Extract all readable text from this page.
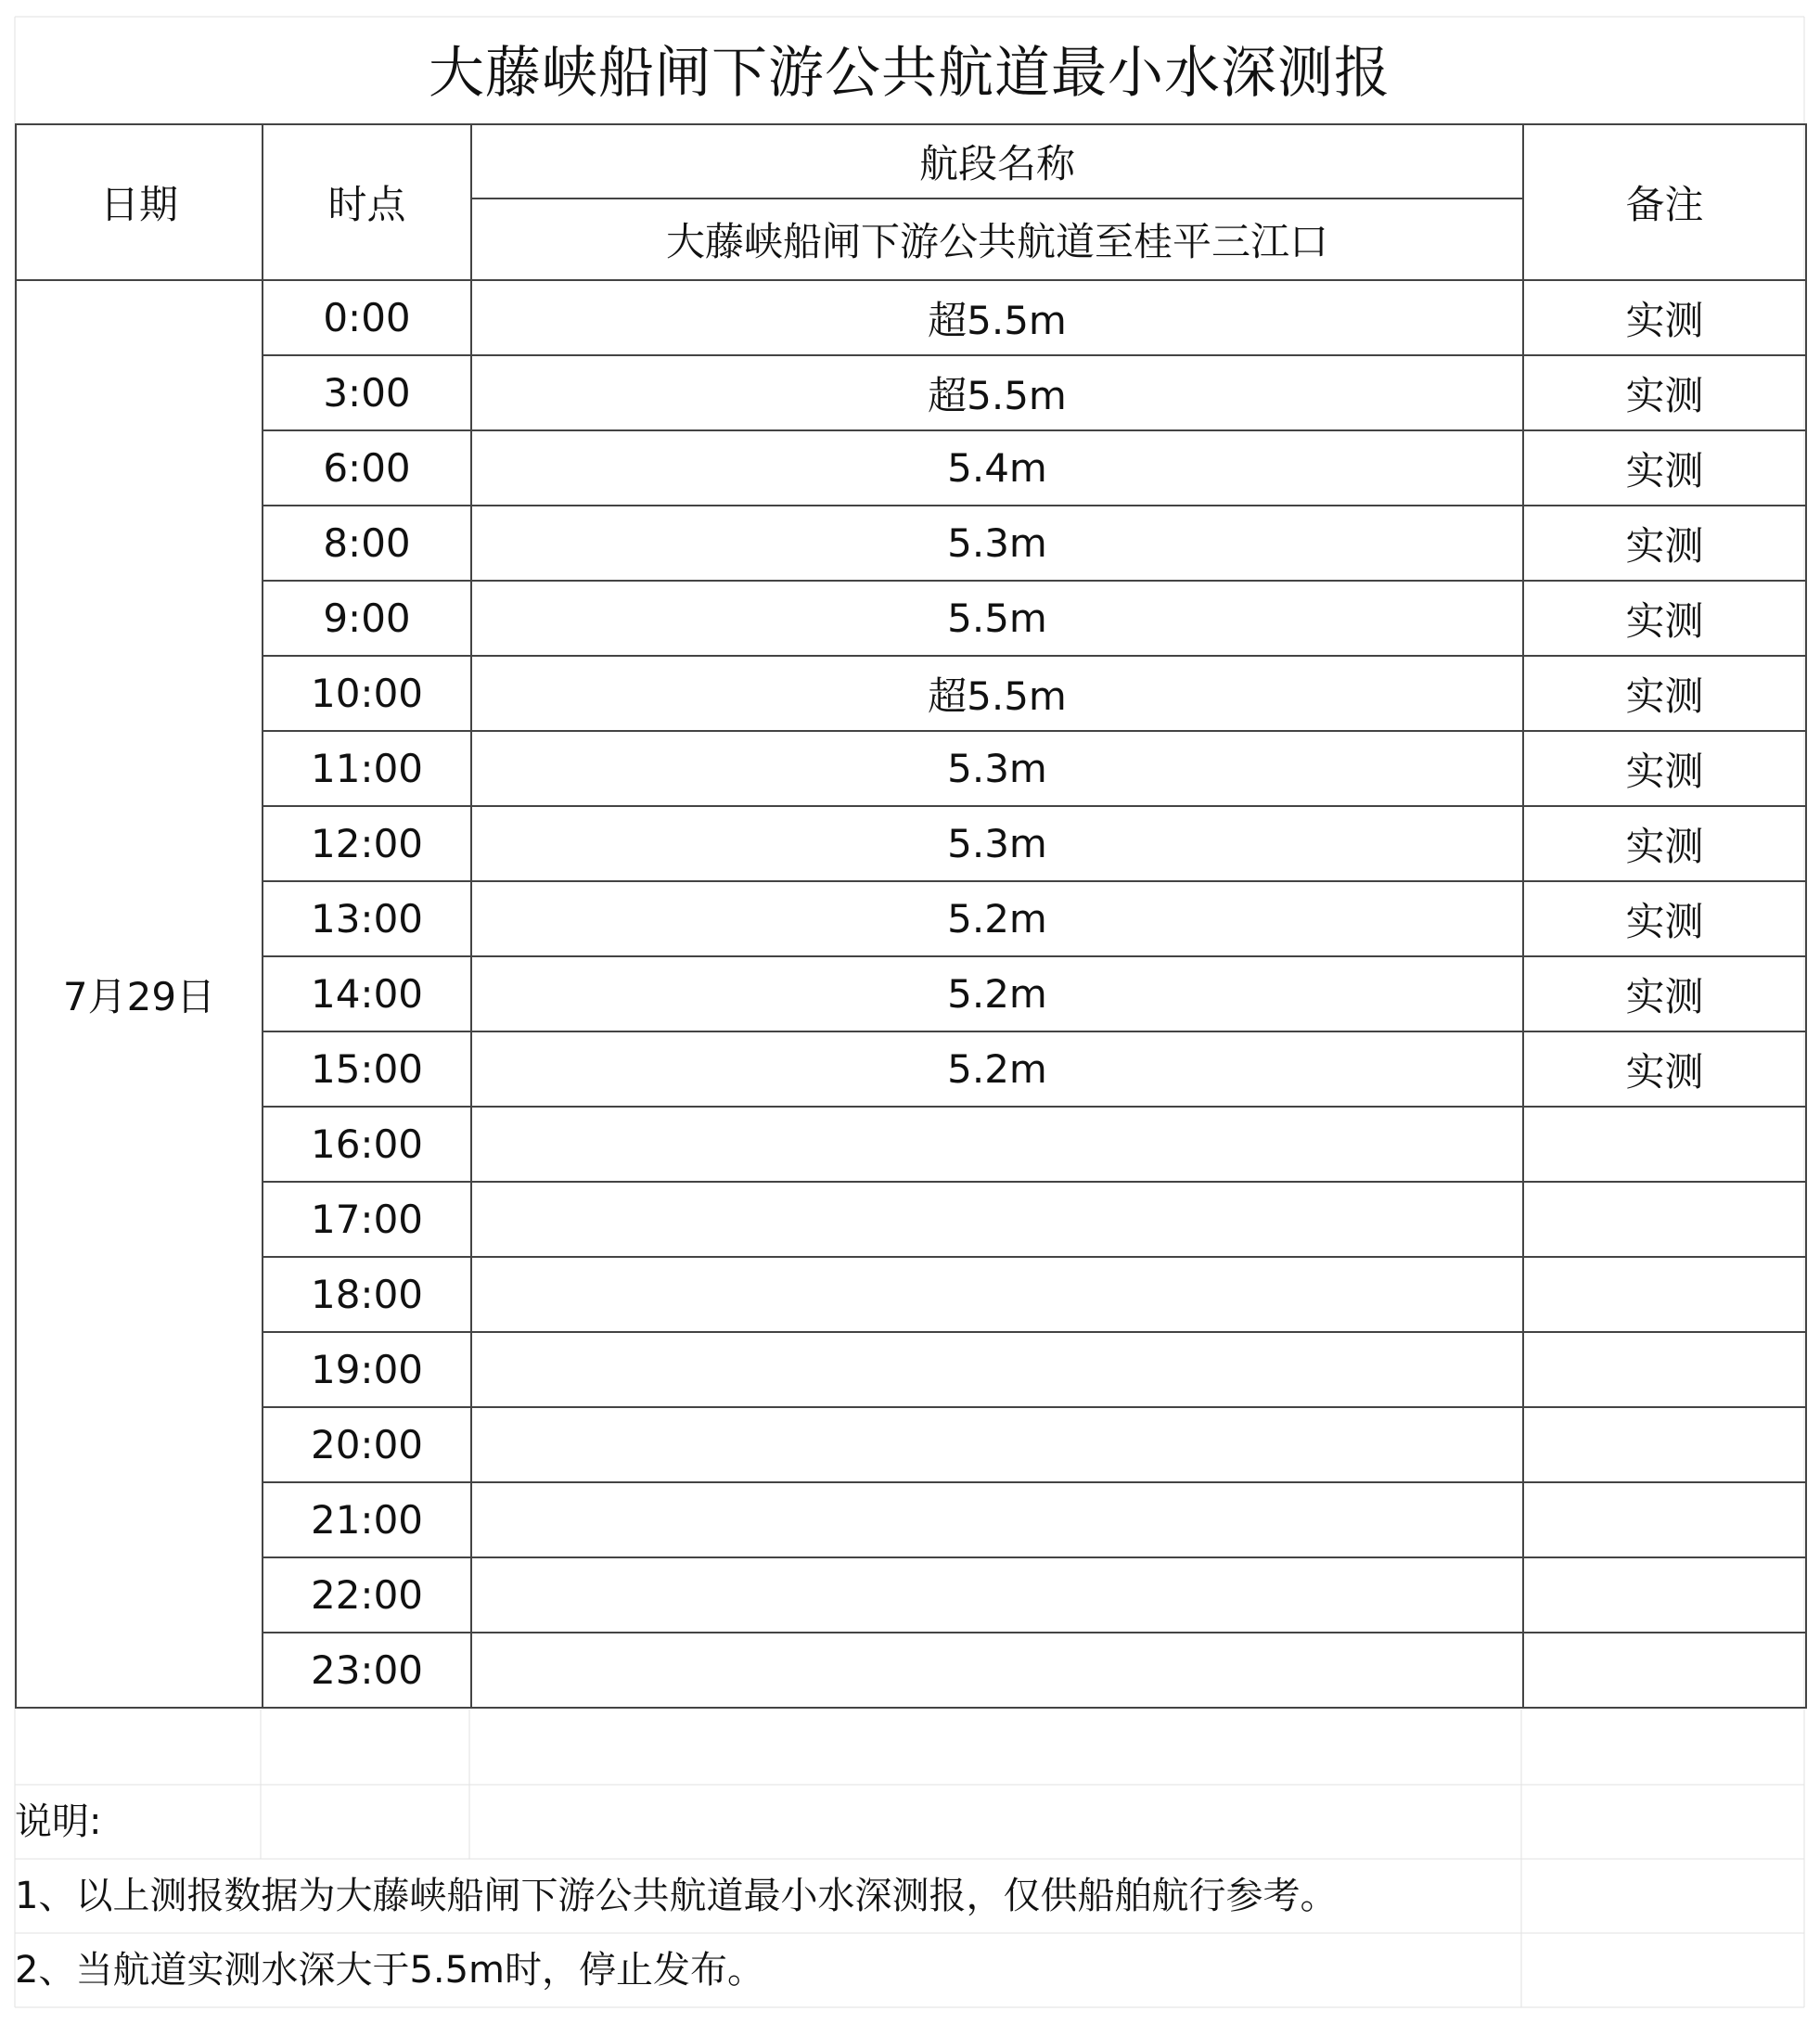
大藤峡船闸下游公共航道最小水深测报
日期	时点	航段名称	备注
		大藤峡船闸下游公共航道至桂平三江口	
7月29日	0:00	超5.5m	实测
	3:00	超5.5m	实测
	6:00	5.4m	实测
	8:00	5.3m	实测
	9:00	5.5m	实测
	10:00	超5.5m	实测
	11:00	5.3m	实测
	12:00	5.3m	实测
	13:00	5.2m	实测
	14:00	5.2m	实测
	15:00	5.2m	实测
	16:00		
	17:00		
	18:00		
	19:00		
	20:00		
	21:00		
	22:00		
	23:00		
说明:
1、以上测报数据为大藤峡船闸下游公共航道最小水深测报，仅供船舶航行参考。
2、当航道实测水深大于5.5m时，停止发布。
